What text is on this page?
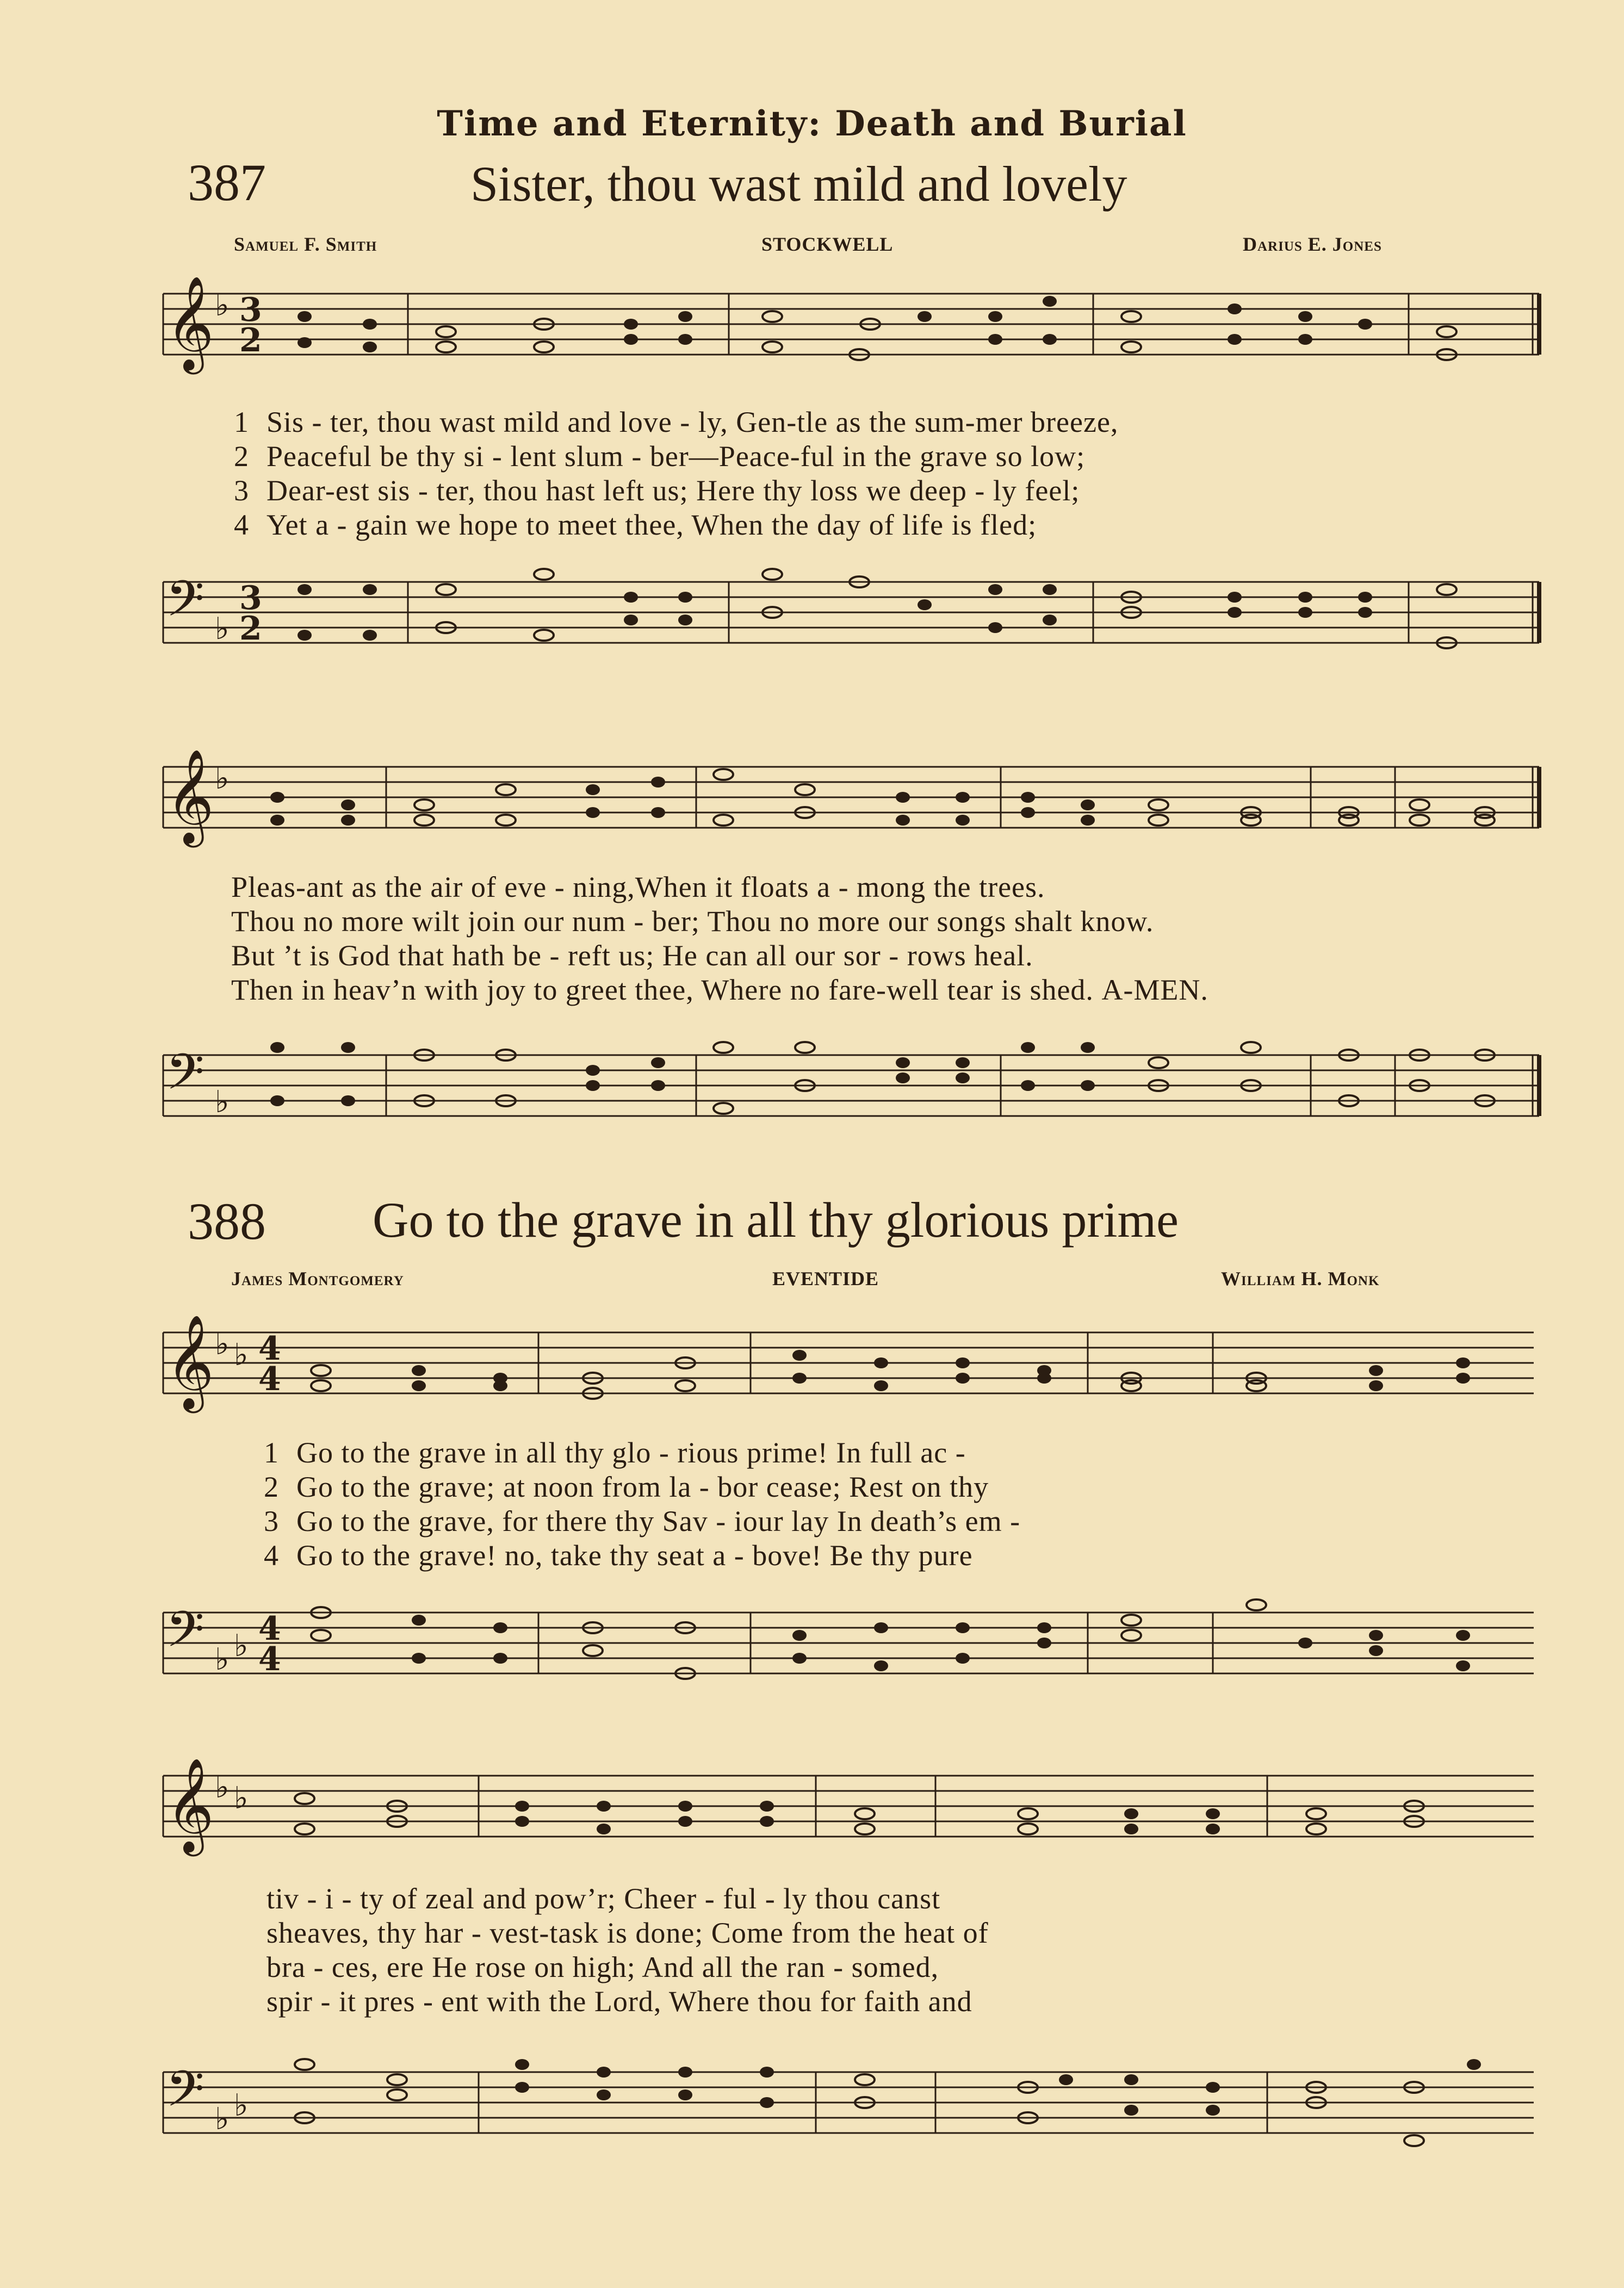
Time and Eternity: Death and Burial
387	Sister, thou wast mild and lovely
Samuel F. Smith	STOCKWELL	Darius E. Jones
𝄞 ♭ 3
2
1 Sis - ter, thou wast mild and love - ly, Gen-tle as the sum-mer breeze,
2 Peaceful be thy si - lent slum - ber—Peace-ful in the grave so low;
3 Dear-est sis - ter, thou hast left us; Here thy loss we deep - ly feel;
4 Yet a - gain we hope to meet thee, When the day of life is fled;
𝄢 ♭
3
2
𝄞 ♭
Pleas-ant as the air of eve - ning,When it floats a - mong the trees.
Thou no more wilt join our num - ber; Thou no more our songs shalt know.
But ’t is God that hath be - reft us; He can all our sor - rows heal.
Then in heav’n with joy to greet thee, Where no fare-well tear is shed. A-MEN.
𝄢 ♭
388 Go to the grave in all thy glorious prime
James Montgomery	EVENTIDE	William H. Monk
𝄞 ♭ ♭ 4
4
1 Go to the grave in all thy glo - rious prime! In full ac -
2 Go to the grave; at noon from la - bor cease; Rest on thy
3 Go to the grave, for there thy Sav - iour lay In death’s em -
4 Go to the grave! no, take thy seat a - bove! Be thy pure
𝄢 ♭ ♭ 4
4
𝄞 ♭ ♭
tiv - i - ty of zeal and pow’r; Cheer - ful - ly thou canst
sheaves, thy har - vest-task is done; Come from the heat of
bra - ces, ere He rose on high; And all the ran - somed,
spir - it pres - ent with the Lord, Where thou for faith and
𝄢 ♭ ♭
